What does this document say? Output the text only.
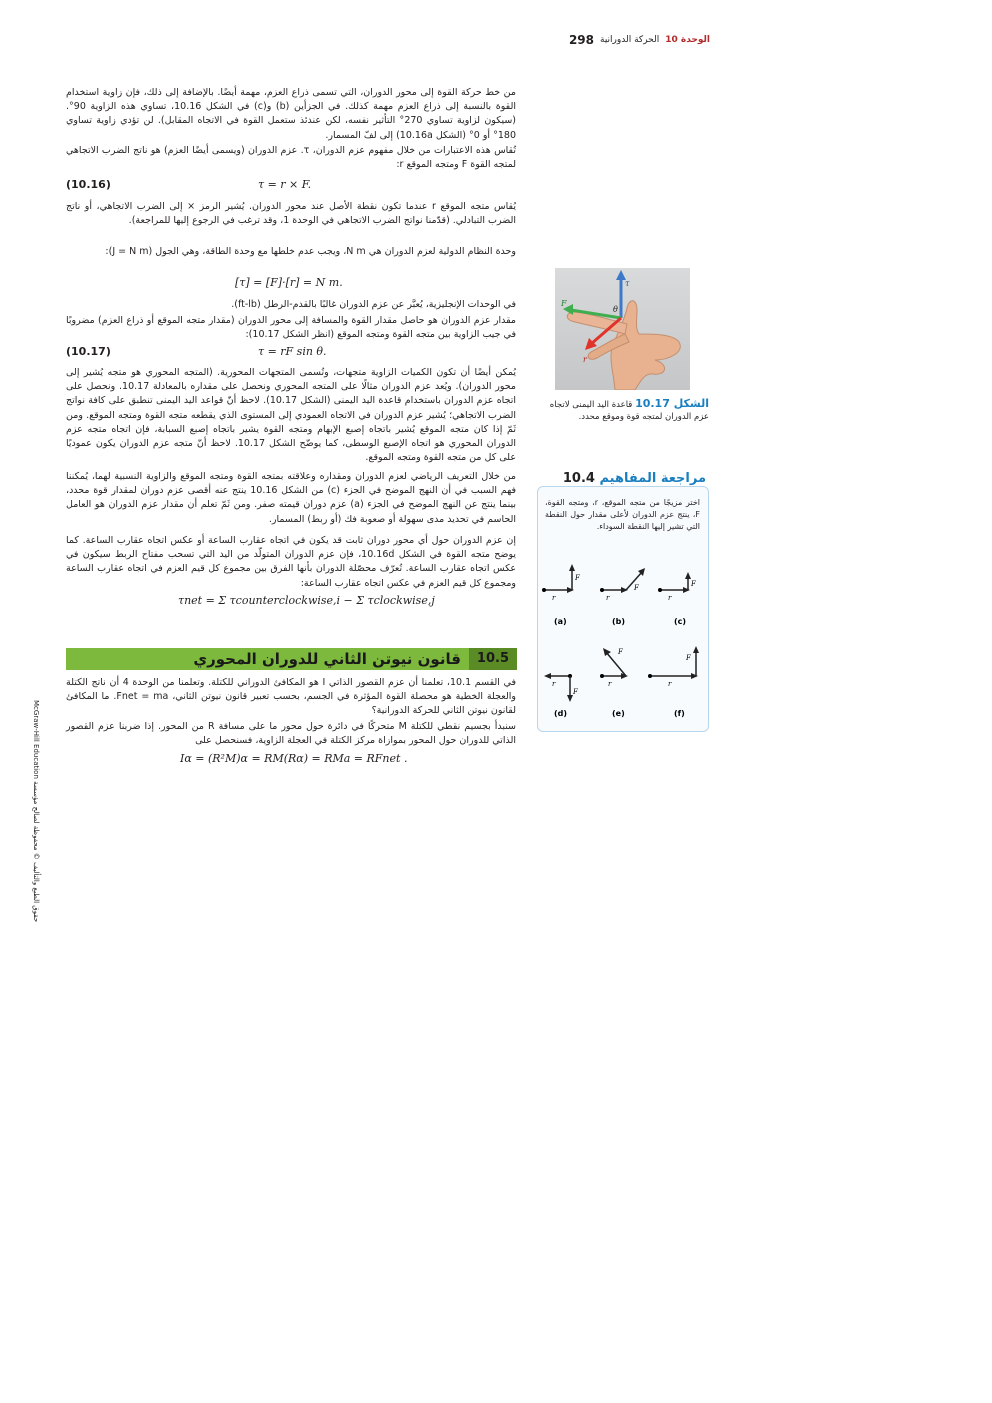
الوحدة 10
الحركة الدورانية
298
من خط حركة القوة إلى محور الدوران، التي تسمى ذراع العزم، مهمة أيضًا. بالإضافة إلى ذلك، فإن زاوية استخدام القوة بالنسبة إلى ذراع العزم مهمة كذلك. في الجزأين (b) و(c) في الشكل 10.16، تساوي هذه الزاوية 90°. (سيكون لزاوية تساوي 270° التأثير نفسه، لكن عندئذ ستعمل القوة في الاتجاه المقابل). لن تؤدي زاوية تساوي 180° أو 0° (الشكل 10.16a) إلى لفّ المسمار.
تُقاس هذه الاعتبارات من خلال مفهوم عزم الدوران، τ. عزم الدوران (ويسمى أيضًا العزم) هو ناتج الضرب الاتجاهي لمتجه القوة F ومتجه الموقع r:
τ = r × F.
(10.16)
يُقاس متجه الموقع r عندما تكون نقطة الأصل عند محور الدوران. يُشير الرمز × إلى الضرب الاتجاهي، أو ناتج الضرب التبادلي. (قدّمنا نواتج الضرب الاتجاهي في الوحدة 1، وقد ترغب في الرجوع إليها للمراجعة).
وحدة النظام الدولية لعزم الدوران هي N m، ويجب عدم خلطها مع وحدة الطاقة، وهي الجول (J = N m):
[τ] = [F]·[r] = N m.
في الوحدات الإنجليزية، يُعبَّر عن عزم الدوران غالبًا بالقدم-الرطل (ft-lb).
مقدار عزم الدوران هو حاصل مقدار القوة والمسافة إلى محور الدوران (مقدار متجه الموقع أو ذراع العزم) مضروبًا في جيب الزاوية بين متجه القوة ومتجه الموقع (انظر الشكل 10.17):
τ = rF sin θ.
(10.17)
يُمكن أيضًا أن تكون الكميات الزاوية متجهات، وتُسمى المتجهات المحورية. (المتجه المحوري هو متجه يُشير إلى محور الدوران). ويُعد عزم الدوران مثالًا على المتجه المحوري ونحصل على مقداره بالمعادلة 10.17. ونحصل على اتجاه عزم الدوران باستخدام قاعدة اليد اليمنى (الشكل 10.17). لاحظ أنّ قواعد اليد اليمنى تنطبق على كافة نواتج الضرب الاتجاهي؛ يُشير عزم الدوران في الاتجاه العمودي إلى المستوى الذي يقطعه متجه القوة ومتجه الموقع. ومن ثَمّ إذا كان متجه الموقع يُشير باتجاه إصبع الإبهام ومتجه القوة يشير باتجاه إصبع السبابة، فإن اتجاه متجه عزم الدوران المحوري هو اتجاه الإصبع الوسطى، كما يوضّح الشكل 10.17. لاحظ أنّ متجه عزم الدوران يكون عموديًا على كل من متجه القوة ومتجه الموقع.
من خلال التعريف الرياضي لعزم الدوران ومقداره وعلاقته بمتجه القوة ومتجه الموقع والزاوية النسبية لهما، يُمكننا فهم السبب في أن النهج الموضح في الجزء (c) من الشكل 10.16 ينتج عنه أقصى عزم دوران لمقدار قوة محدد، بينما ينتج عن النهج الموضح في الجزء (a) عزم دوران قيمته صفر. ومن ثَمّ تعلم أن مقدار عزم الدوران هو العامل الحاسم في تحديد مدى سهولة أو صعوبة فك (أو ربط) المسمار.
إن عزم الدوران حول أي محور دوران ثابت قد يكون في اتجاه عقارب الساعة أو عكس اتجاه عقارب الساعة. كما يوضح متجه القوة في الشكل 10.16d، فإن عزم الدوران المتولّد من اليد التي تسحب مفتاح الربط سيكون في عكس اتجاه عقارب الساعة. تُعرّف محصّلة الدوران بأنها الفرق بين مجموع كل قيم العزم في اتجاه عقارب الساعة ومجموع كل قيم العزم في عكس اتجاه عقارب الساعة:
τnet = Σ τcounterclockwise,i − Σ τclockwise,j
10.5
قانون نيوتن الثاني للدوران المحوري
في القسم 10.1، تعلمنا أن عزم القصور الذاتي I هو المكافئ الدوراني للكتلة. وتعلمنا من الوحدة 4 أن ناتج الكتلة والعجلة الخطية هو محصلة القوة المؤثرة في الجسم، بحسب تعبير قانون نيوتن الثاني، Fnet = ma. ما المكافئ لقانون نيوتن الثاني للحركة الدورانية؟
سنبدأ بجسيم نقطي للكتلة M متحركًا في دائرة حول محور ما على مسافة R من المحور. إذا ضربنا عزم القصور الذاتي للدوران حول المحور بموازاة مركز الكتلة في العجلة الزاوية، فسنحصل على
Iα = (R²M)α = RM(Rα) = RMa = RFnet .
τ
F
r
θ
الشكل 10.17 قاعدة اليد اليمنى لاتجاه عزم الدوران لمتجه قوة وموقع محدد.
مراجعة المفاهيم 10.4
اختر مزيجًا من متجه الموقع، r، ومتجه القوة، F، ينتج عزم الدوران لأعلى مقدار حول النقطة التي تشير إليها النقطة السوداء.
r
F
(a)
r
F
(b)
r
F
(c)
r
F
(d)
r
F
(e)
r
F
(f)
McGraw-Hill Education حقوق الطبع والتأليف © محفوظة لصالح مؤسسة
